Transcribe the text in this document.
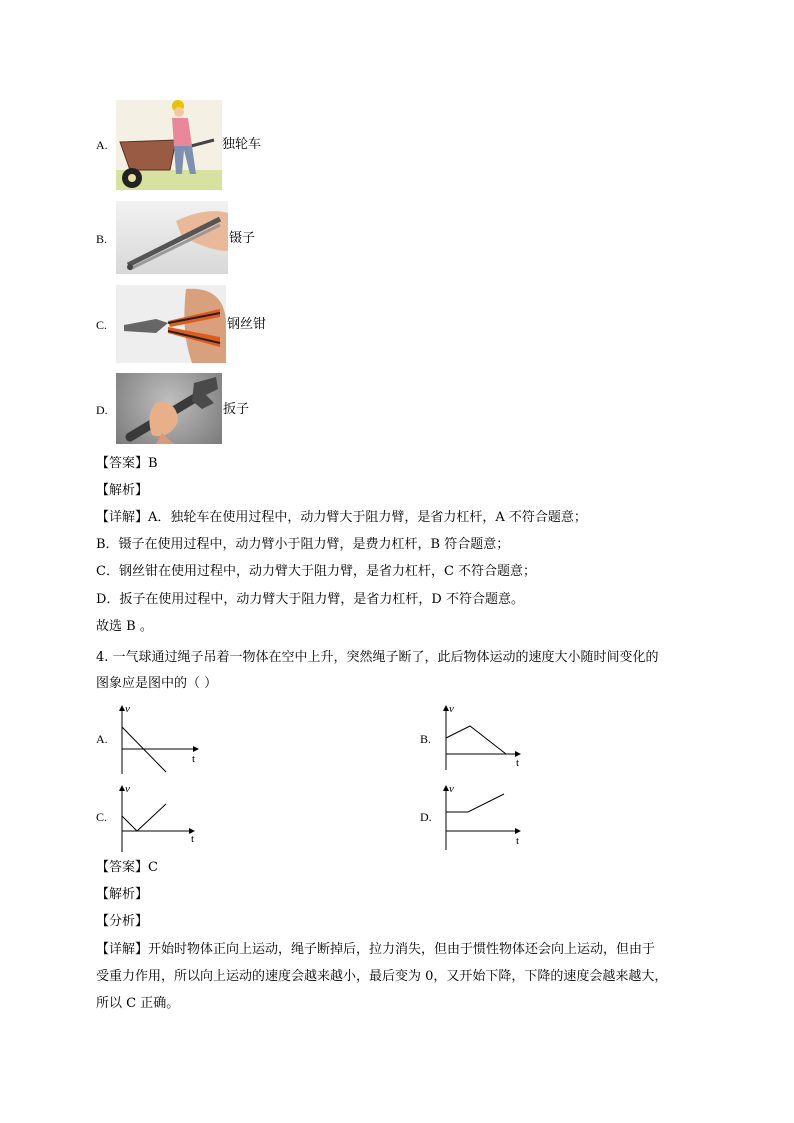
A.	独轮车
B.	镊子
C.	钢丝钳
D.	扳子
【答案】B
【解析】
【详解】A．独轮车在使用过程中，动力臂大于阻力臂，是省力杠杆，A 不符合题意；
B．镊子在使用过程中，动力臂小于阻力臂，是费力杠杆，B 符合题意；
C．钢丝钳在使用过程中，动力臂大于阻力臂，是省力杠杆，C 不符合题意；
D．扳子在使用过程中，动力臂大于阻力臂，是省力杠杆，D 不符合题意。
故选 B 。
4. 一气球通过绳子吊着一物体在空中上升，突然绳子断了，此后物体运动的速度大小随时间变化的
图象应是图中的（ ）
A.
v
t
B.
v
t
C.
v
t
D.
v
t
【答案】C
【解析】
【分析】
【详解】开始时物体正向上运动，绳子断掉后，拉力消失，但由于惯性物体还会向上运动，但由于
受重力作用，所以向上运动的速度会越来越小，最后变为 0，又开始下降，下降的速度会越来越大，
所以 C 正确。
